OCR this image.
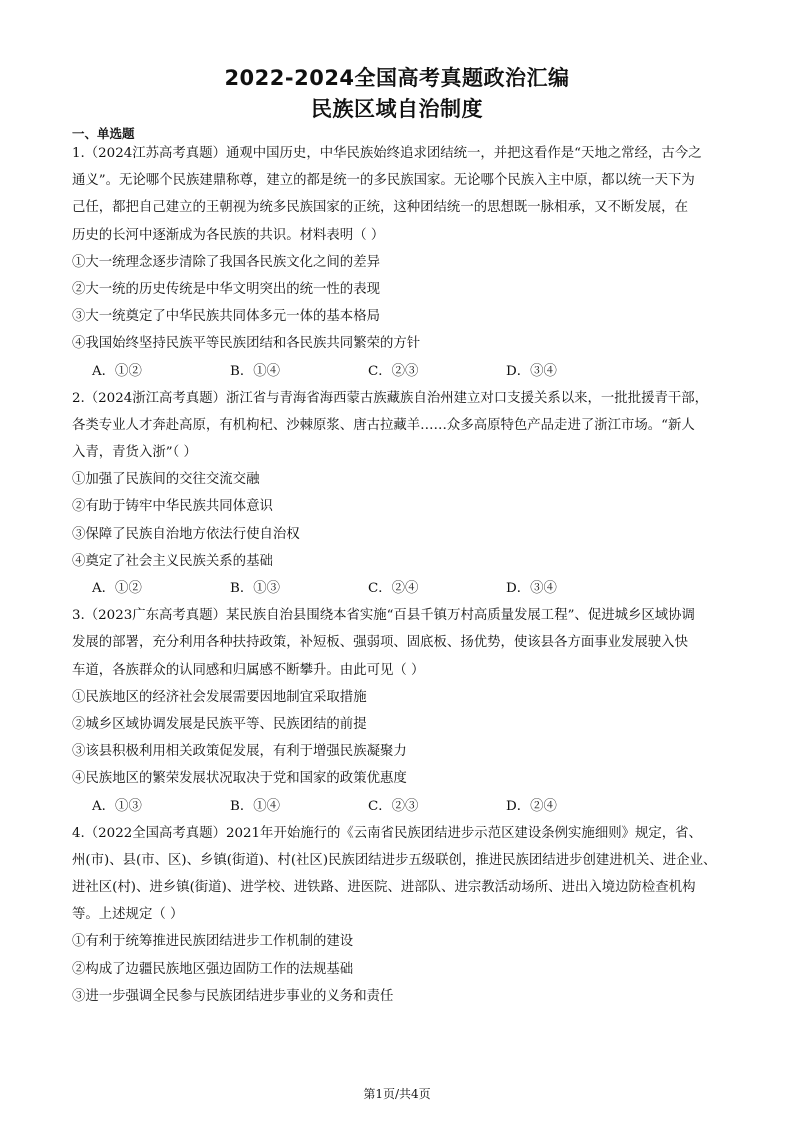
2022-2024全国高考真题政治汇编
民族区域自治制度
一、单选题
1.（2024江苏高考真题）通观中国历史，中华民族始终追求团结统一，并把这看作是“天地之常经，古今之
通义”。无论哪个民族建鼎称尊，建立的都是统一的多民族国家。无论哪个民族入主中原，都以统一天下为
己任，都把自己建立的王朝视为统多民族国家的正统，这种团结统一的思想既一脉相承，又不断发展，在
历史的长河中逐渐成为各民族的共识。材料表明（ ）
①大一统理念逐步清除了我国各民族文化之间的差异
②大一统的历史传统是中华文明突出的统一性的表现
③大一统奠定了中华民族共同体多元一体的基本格局
④我国始终坚持民族平等民族团结和各民族共同繁荣的方针
A．①②	B．①④	C．②③	D．③④
2.（2024浙江高考真题）浙江省与青海省海西蒙古族藏族自治州建立对口支援关系以来，一批批援青干部，
各类专业人才奔赴高原，有机枸杞、沙棘原浆、唐古拉藏羊……众多高原特色产品走进了浙江市场。“新人
入青，青货入浙”（ ）
①加强了民族间的交往交流交融
②有助于铸牢中华民族共同体意识
③保障了民族自治地方依法行使自治权
④奠定了社会主义民族关系的基础
A．①②	B．①③	C．②④	D．③④
3.（2023广东高考真题）某民族自治县围绕本省实施“百县千镇万村高质量发展工程”、促进城乡区域协调
发展的部署，充分利用各种扶持政策，补短板、强弱项、固底板、扬优势，使该县各方面事业发展驶入快
车道，各族群众的认同感和归属感不断攀升。由此可见（ ）
①民族地区的经济社会发展需要因地制宜采取措施
②城乡区域协调发展是民族平等、民族团结的前提
③该县积极利用相关政策促发展，有利于增强民族凝聚力
④民族地区的繁荣发展状况取决于党和国家的政策优惠度
A．①③	B．①④	C．②③	D．②④
4.（2022全国高考真题）2021年开始施行的《云南省民族团结进步示范区建设条例实施细则》规定，省、
州(市)、县(市、区)、乡镇(街道)、村(社区)民族团结进步五级联创，推进民族团结进步创建进机关、进企业、
进社区(村)、进乡镇(街道)、进学校、进铁路、进医院、进部队、进宗教活动场所、进出入境边防检查机构
等。上述规定（ ）
①有利于统筹推进民族团结进步工作机制的建设
②构成了边疆民族地区强边固防工作的法规基础
③进一步强调全民参与民族团结进步事业的义务和责任
第1页/共4页
